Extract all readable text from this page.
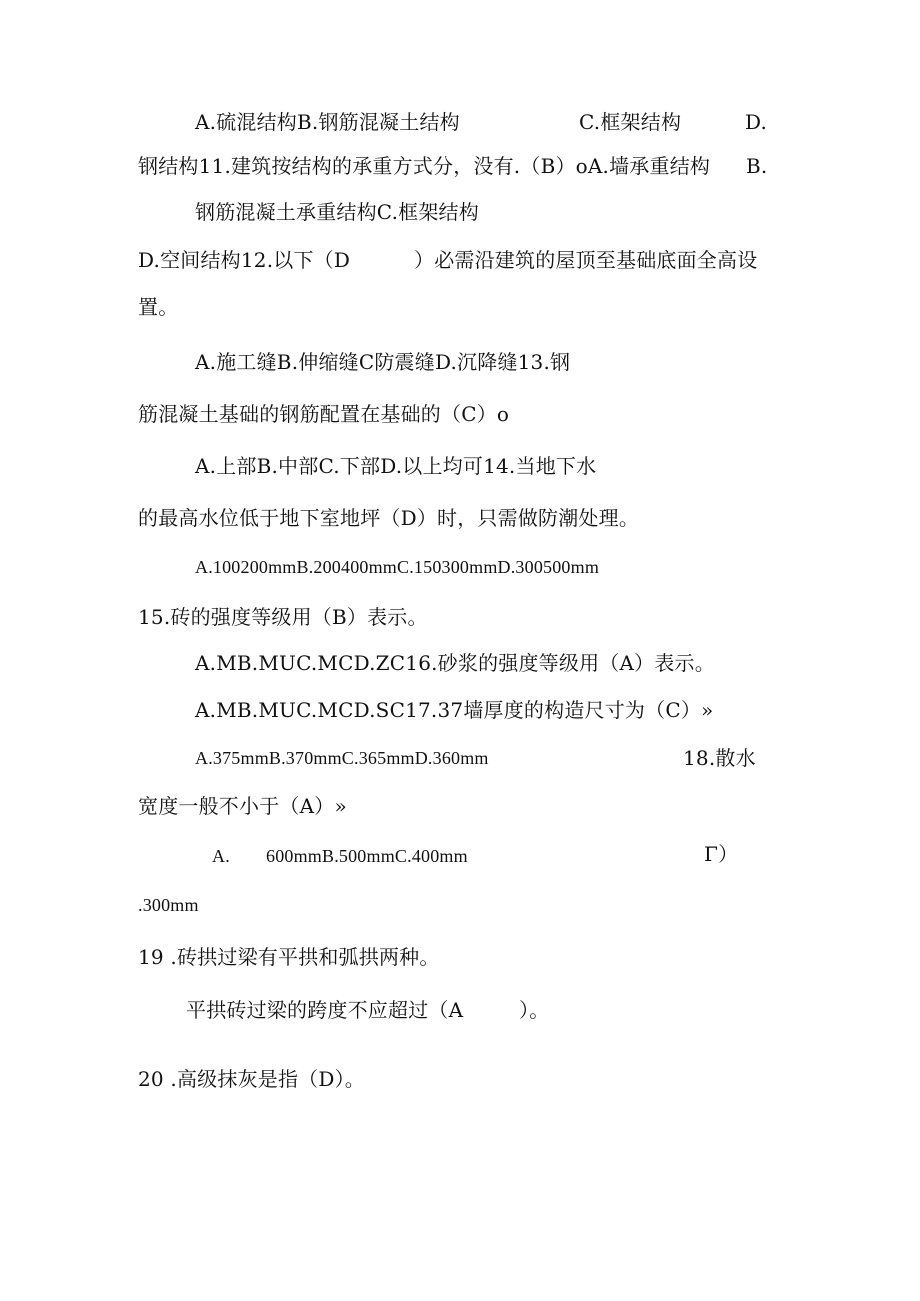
A.硫混结构B.钢筋混凝土结构	C.框架结构	D.
钢结构11.建筑按结构的承重方式分，没有.（B）oA.墙承重结构 B.
钢筋混凝土承重结构C.框架结构
D.空间结构12.以下（D	）必需沿建筑的屋顶至基础底面全高设
置。
A.施工缝B.伸缩缝C防震缝D.沉降缝13.钢
筋混凝土基础的钢筋配置在基础的（C）o
A.上部B.中部C.下部D.以上均可14.当地下水
的最高水位低于地下室地坪（D）时，只需做防潮处理。
A.100200mmB.200400mmC.150300mmD.300500mm
15.砖的强度等级用（B）表示。
A.MB.MUC.MCD.ZC16.砂浆的强度等级用（A）表示。
A.MB.MUC.MCD.SC17.37墙厚度的构造尺寸为（C）»
A.375mmB.370mmC.365mmD.360mm	18.散水
宽度一般不小于（A）»
A. 600mmB.500mmC.400mm	Γ）
.300mm
19 .砖拱过梁有平拱和弧拱两种。
平拱砖过梁的跨度不应超过（A	）。
20 .高级抹灰是指（D）。
